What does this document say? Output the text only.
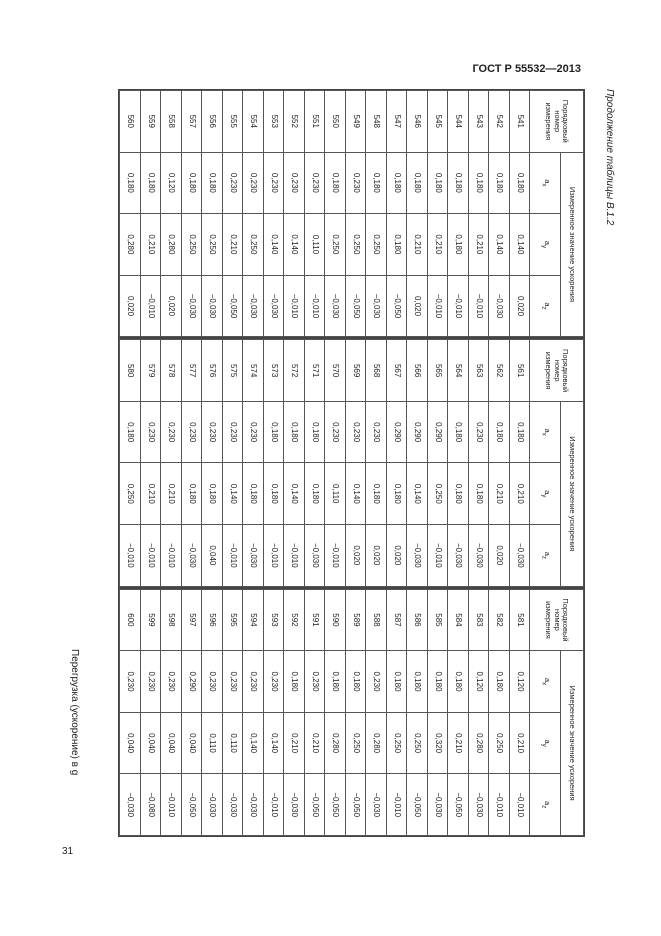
ГОСТ Р 55532—2013
Продолжение таблицы В.1.2
Перегрузка (ускорение) в g
Порядковый номер измерения	Измеренное значение ускорения		
	$a_x$	$a_y$	$a_z$
541	0,180	0,140	0,020
542	0,180	0,140	−0,030
543	0,180	0,210	−0,010
544	0,180	0,180	−0,010
545	0,180	0,210	−0,010
546	0,180	0,210	0,020
547	0,180	0,180	−0,050
548	0,180	0,250	−0,030
549	0,230	0,250	−0,050
550	0,180	0,250	−0,030
551	0,230	0,110	−0,010
552	0,230	0,140	−0,010
553	0,230	0,140	−0,030
554	0,230	0,250	−0,030
555	0,230	0,210	−0,050
556	0,180	0,250	−0,030
557	0,180	0,250	−0,030
558	0,120	0,280	0,020
559	0,180	0,210	−0,010
560	0,180	0,280	0,020
Порядковый номер измерения	Измеренное значение ускорения		
	$a_x$	$a_y$	$a_z$
561	0,180	0,210	−0,030
562	0,180	0,210	0,020
563	0,230	0,180	−0,030
564	0,180	0,180	−0,030
565	0,290	0,250	−0,010
566	0,290	0,140	−0,030
567	0,290	0,180	0,020
568	0,230	0,180	0,020
569	0,230	0,140	0,020
570	0,230	0,110	−0,010
571	0,180	0,180	−0,030
572	0,180	0,140	−0,010
573	0,180	0,180	−0,010
574	0,230	0,180	−0,030
575	0,230	0,140	−0,010
576	0,230	0,180	0,040
577	0,230	0,180	−0,030
578	0,230	0,210	−0,010
579	0,230	0,210	−0,010
580	0,180	0,250	−0,010
Порядковый номер измерения	Измеренное значение ускорения		
	$a_x$	$a_y$	$a_z$
581	0,120	0,210	−0,010
582	0,180	0,250	−0,010
583	0,120	0,280	−0,030
584	0,180	0,210	−0,050
585	0,180	0,320	−0,030
586	0,180	0,250	−0,050
587	0,180	0,250	−0,010
588	0,230	0,280	−0,030
589	0,180	0,250	−0,050
590	0,180	0,280	−0,050
591	0,230	0,210	−0,050
592	0,180	0,210	−0,030
593	0,230	0,140	−0,010
594	0,230	0,140	−0,030
595	0,230	0,110	−0,030
596	0,230	0,110	−0,030
597	0,290	0,040	−0,050
598	0,230	0,040	−0,010
599	0,230	0,040	−0,080
600	0,230	0,040	−0,030
31
